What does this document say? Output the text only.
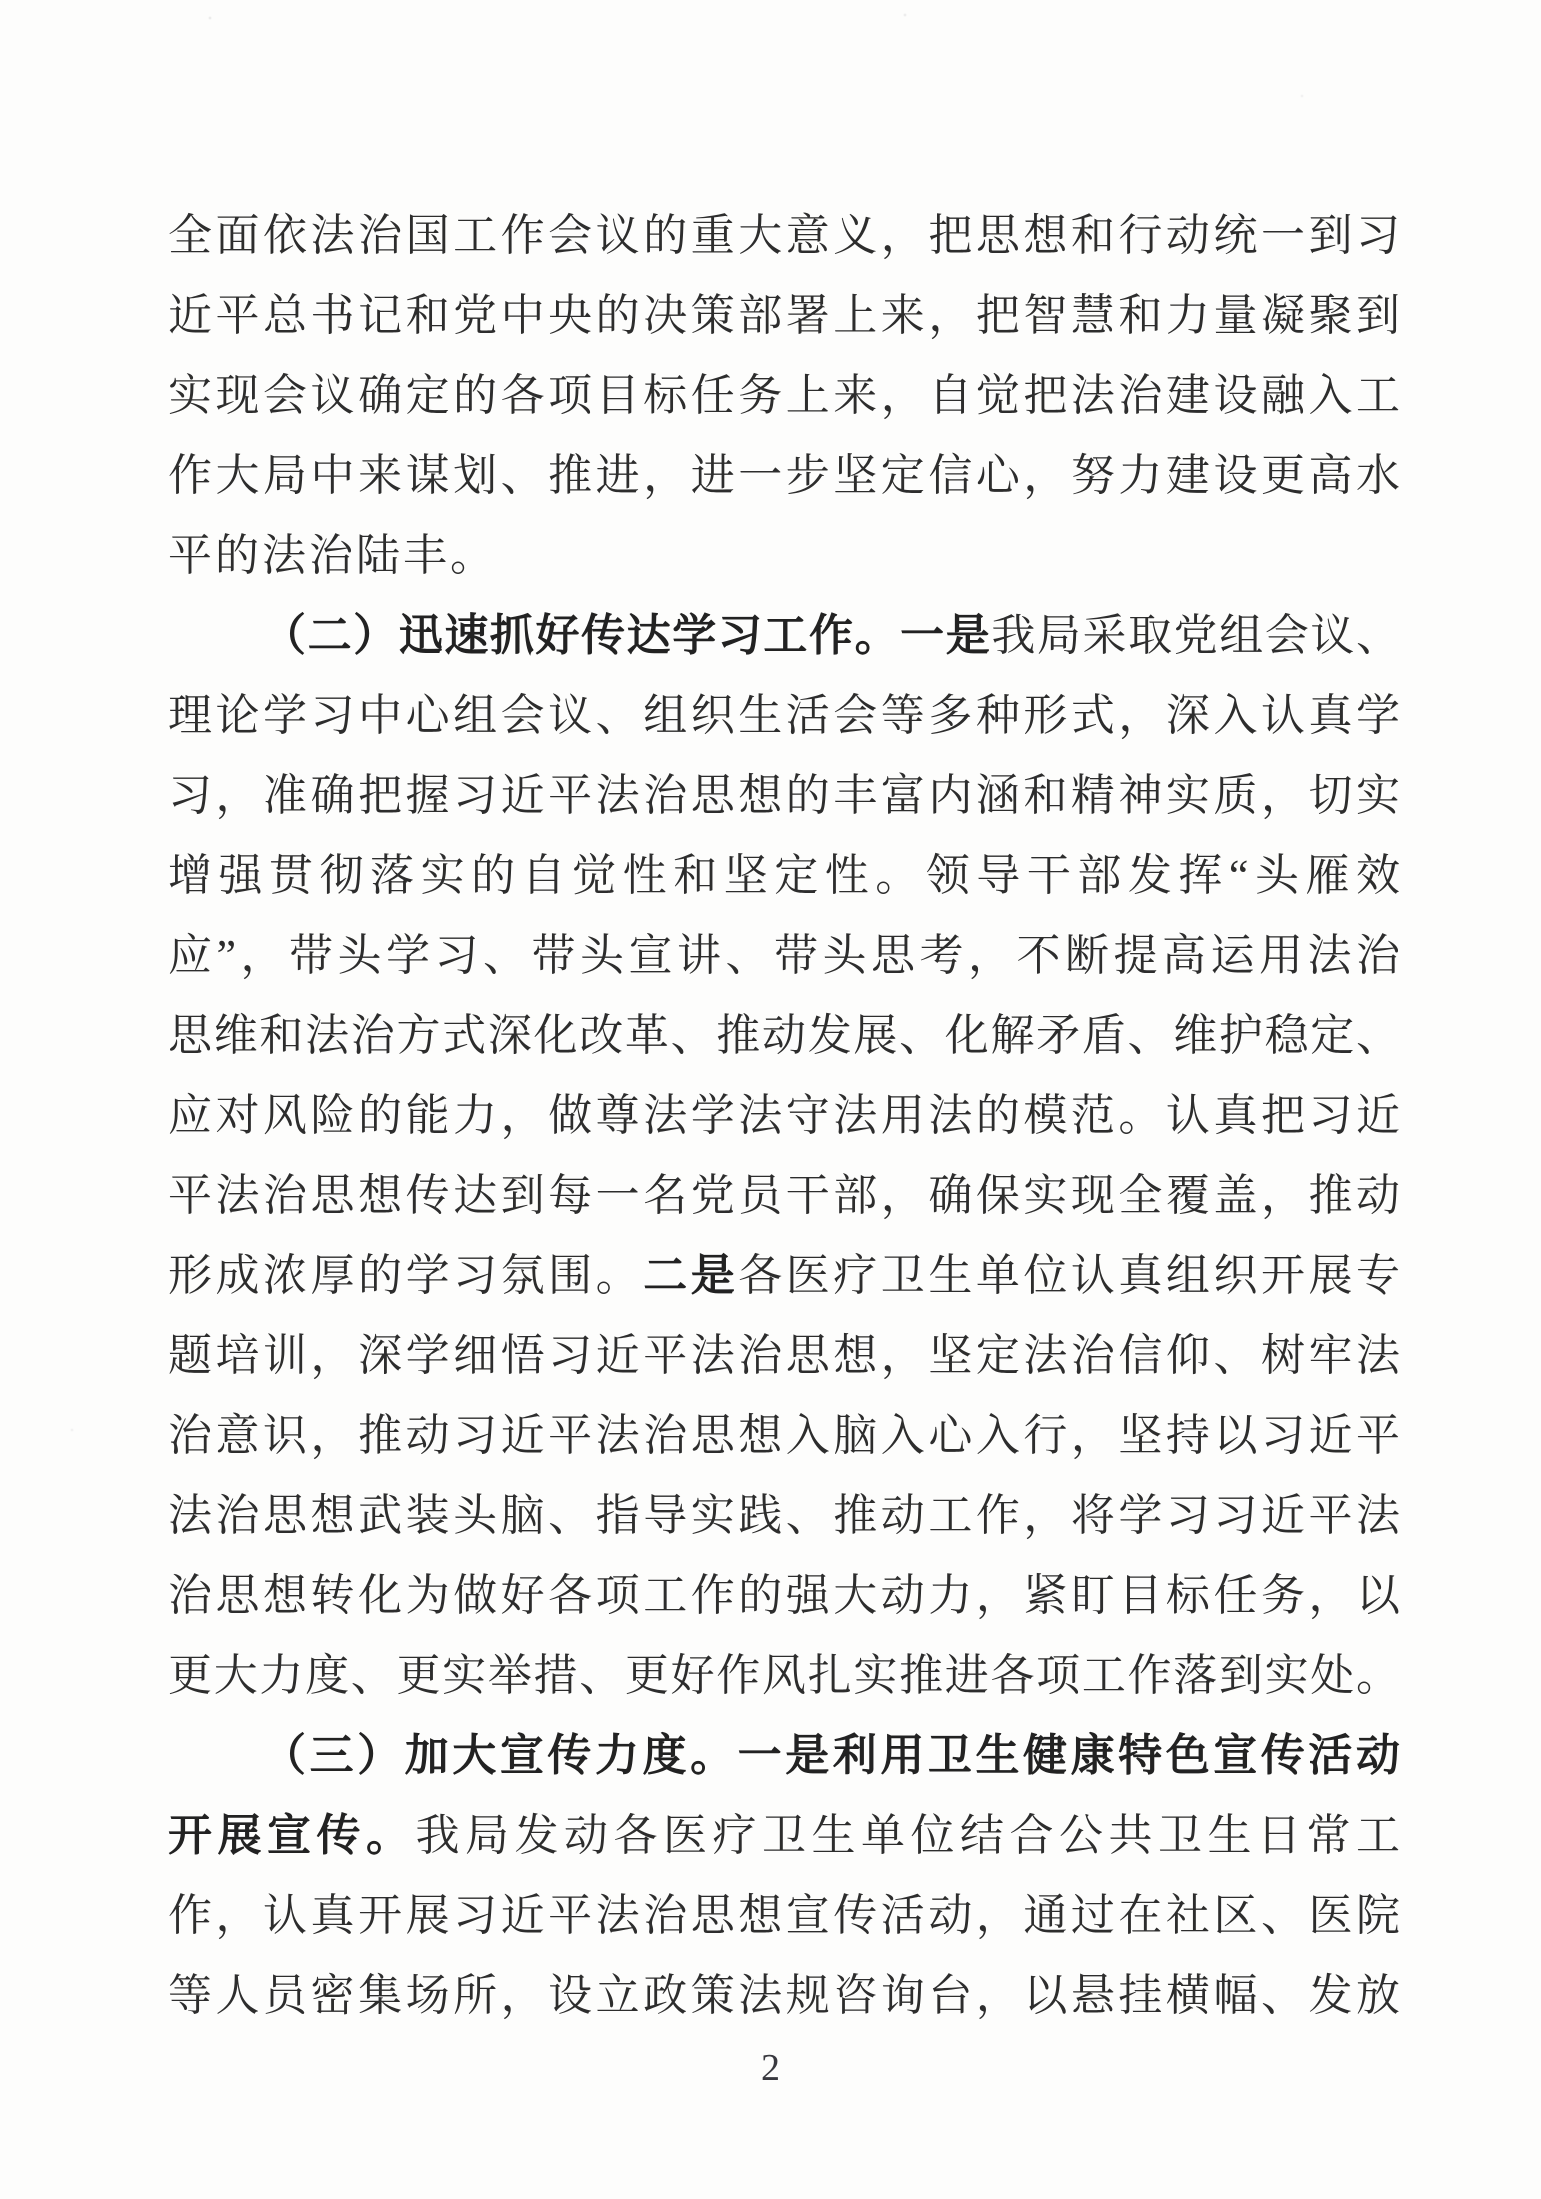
全面依法治国工作会议的重大意义，把思想和行动统一到习
近平总书记和党中央的决策部署上来，把智慧和力量凝聚到
实现会议确定的各项目标任务上来，自觉把法治建设融入工
作大局中来谋划、推进，进一步坚定信心，努力建设更高水
平的法治陆丰。
（二）迅速抓好传达学习工作。一是我局采取党组会议、
理论学习中心组会议、组织生活会等多种形式，深入认真学
习，准确把握习近平法治思想的丰富内涵和精神实质，切实
增强贯彻落实的自觉性和坚定性。领导干部发挥“头雁效
应”，带头学习、带头宣讲、带头思考，不断提高运用法治
思维和法治方式深化改革、推动发展、化解矛盾、维护稳定、
应对风险的能力，做尊法学法守法用法的模范。认真把习近
平法治思想传达到每一名党员干部，确保实现全覆盖，推动
形成浓厚的学习氛围。二是各医疗卫生单位认真组织开展专
题培训，深学细悟习近平法治思想，坚定法治信仰、树牢法
治意识，推动习近平法治思想入脑入心入行，坚持以习近平
法治思想武装头脑、指导实践、推动工作，将学习习近平法
治思想转化为做好各项工作的强大动力，紧盯目标任务，以
更大力度、更实举措、更好作风扎实推进各项工作落到实处。
（三）加大宣传力度。一是利用卫生健康特色宣传活动
开展宣传。我局发动各医疗卫生单位结合公共卫生日常工
作，认真开展习近平法治思想宣传活动，通过在社区、医院
等人员密集场所，设立政策法规咨询台，以悬挂横幅、发放
2
